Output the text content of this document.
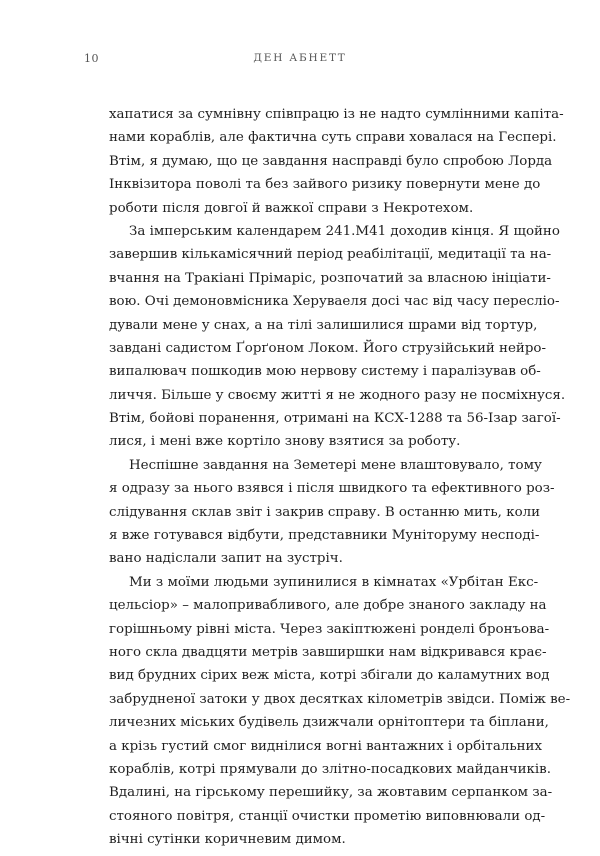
10	ДЕН АБНЕТТ
хапатися за сумнівну співпрацю із не надто сумлінними капіта-
нами кораблів, але фактична суть справи ховалася на Геспері.
Втім, я думаю, що це завдання насправді було спробою Лорда
Інквізитора поволі та без зайвого ризику повернути мене до
роботи після довгої й важкої справи з Некротехом.
За імперським календарем 241.M41 доходив кінця. Я щойно
завершив кількамісячний період реабілітації, медитації та на-
вчання на Тракіані Прімаріс, розпочатий за власною ініціати-
вою. Очі демоновмісника Херуваеля досі час від часу пересліо-
дували мене у снах, а на тілі залишилися шрами від тортур,
завдані садистом Ґорґоном Локом. Його струзійський нейро-
випалювач пошкодив мою нервову систему і паралізував об-
личчя. Більше у своєму житті я не жодного разу не посміхнуся.
Втім, бойові поранення, отримані на КСХ-1288 та 56-Ізар загої-
лися, і мені вже кортіло знову взятися за роботу.
Неспішне завдання на Земетері мене влаштовувало, тому
я одразу за нього взявся і після швидкого та ефективного роз-
слідування склав звіт і закрив справу. В останню мить, коли
я вже готувався відбути, представники Муніторуму несподі-
вано надіслали запит на зустріч.
Ми з моїми людьми зупинилися в кімнатах «Урбітан Екс-
цельсіор» – малопривабливого, але добре знаного закладу на
горішньому рівні міста. Через закіптюжені ронделі бронъова-
ного скла двадцяти метрів завширшки нам відкривався крає-
вид брудних сірих веж міста, котрі збігали до каламутних вод
забрудненої затоки у двох десятках кілометрів звідси. Поміж ве-
личезних міських будівель дзижчали орнітоптери та біплани,
а крізь густий смог виднілися вогні вантажних і орбітальних
кораблів, котрі прямували до злітно-посадкових майданчиків.
Вдалині, на гірському перешийку, за жовтавим серпанком за-
стояного повітря, станції очистки прометію виповнювали од-
вічні сутінки коричневим димом.
